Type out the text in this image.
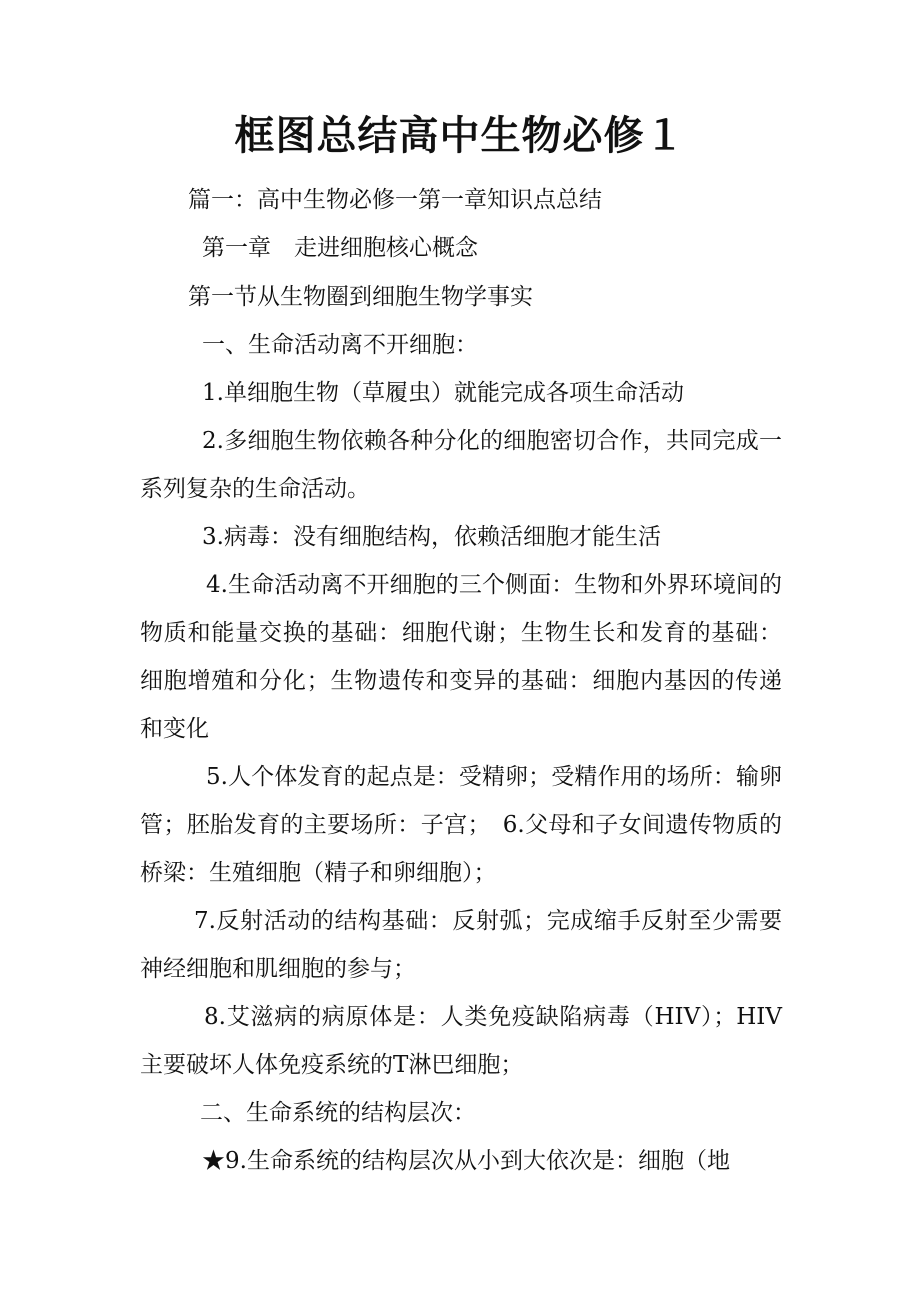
框图总结高中生物必修１
篇一：高中生物必修一第一章知识点总结
第一章　走进细胞核心概念
第一节从生物圈到细胞生物学事实
一、生命活动离不开细胞：
1.单细胞生物（草履虫）就能完成各项生命活动
2.多细胞生物依赖各种分化的细胞密切合作，共同完成一系列复杂的生命活动。
3.病毒：没有细胞结构，依赖活细胞才能生活
4.生命活动离不开细胞的三个侧面：生物和外界环境间的物质和能量交换的基础：细胞代谢；生物生长和发育的基础：细胞增殖和分化；生物遗传和变异的基础：细胞内基因的传递和变化
5.人个体发育的起点是：受精卵；受精作用的场所：输卵管；胚胎发育的主要场所：子宫；　6.父母和子女间遗传物质的桥梁：生殖细胞（精子和卵细胞）；
7.反射活动的结构基础：反射弧；完成缩手反射至少需要神经细胞和肌细胞的参与；
8.艾滋病的病原体是：人类免疫缺陷病毒（HIV）；HIV主要破坏人体免疫系统的T淋巴细胞；
二、生命系统的结构层次：
★9.生命系统的结构层次从小到大依次是：细胞（地
